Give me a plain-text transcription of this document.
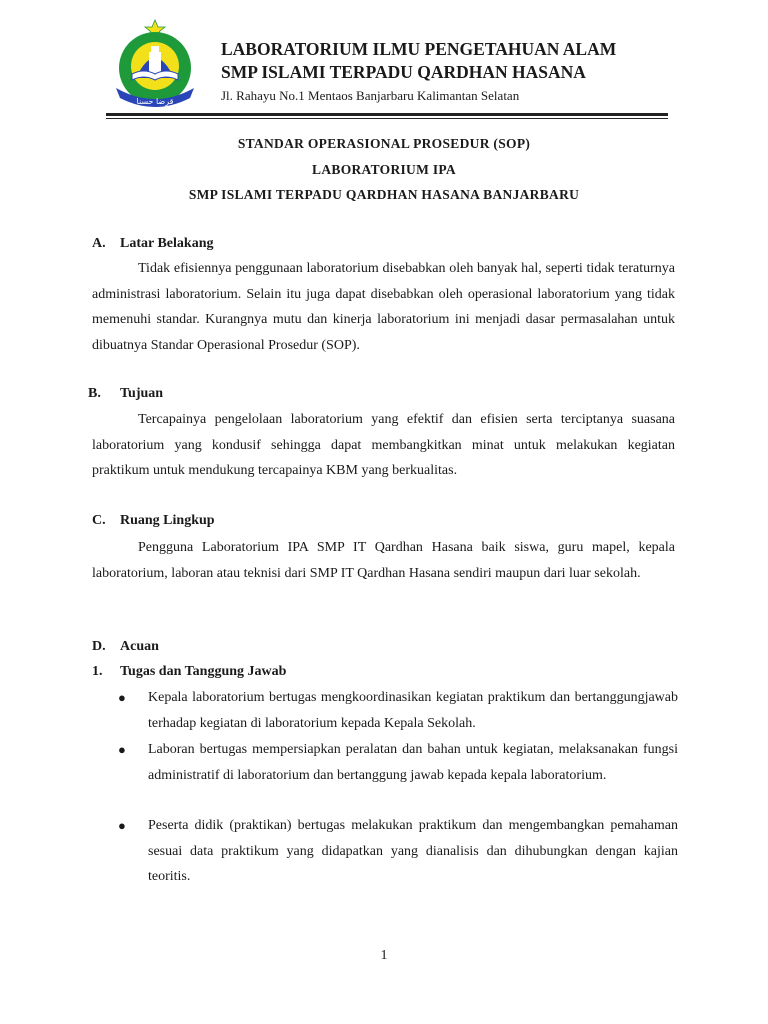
قرضا حسنا
LABORATORIUM ILMU PENGETAHUAN ALAM
SMP ISLAMI TERPADU QARDHAN HASANA
Jl. Rahayu No.1 Mentaos Banjarbaru Kalimantan Selatan
STANDAR OPERASIONAL PROSEDUR (SOP)
LABORATORIUM IPA
SMP ISLAMI TERPADU QARDHAN HASANA BANJARBARU
A. Latar Belakang
Tidak efisiennya penggunaan laboratorium disebabkan oleh banyak hal, seperti tidak teraturnya administrasi laboratorium. Selain itu juga dapat disebabkan oleh operasional laboratorium yang tidak memenuhi standar. Kurangnya mutu dan kinerja laboratorium ini menjadi dasar permasalahan untuk dibuatnya Standar Operasional Prosedur (SOP).
B. Tujuan
Tercapainya pengelolaan laboratorium yang efektif dan efisien serta terciptanya suasana laboratorium yang kondusif sehingga dapat membangkitkan minat untuk melakukan kegiatan praktikum untuk mendukung tercapainya KBM yang berkualitas.
C. Ruang Lingkup
Pengguna Laboratorium IPA SMP IT Qardhan Hasana baik siswa, guru mapel, kepala laboratorium, laboran atau teknisi dari SMP IT Qardhan Hasana sendiri maupun dari luar sekolah.
D. Acuan
1. Tugas dan Tanggung Jawab
● Kepala laboratorium bertugas mengkoordinasikan kegiatan praktikum dan bertanggungjawab terhadap kegiatan di laboratorium kepada Kepala Sekolah.
● Laboran bertugas mempersiapkan peralatan dan bahan untuk kegiatan, melaksanakan fungsi administratif di laboratorium dan bertanggung jawab kepada kepala laboratorium.
● Peserta didik (praktikan) bertugas melakukan praktikum dan mengembangkan pemahaman sesuai data praktikum yang didapatkan yang dianalisis dan dihubungkan dengan kajian teoritis.
1
